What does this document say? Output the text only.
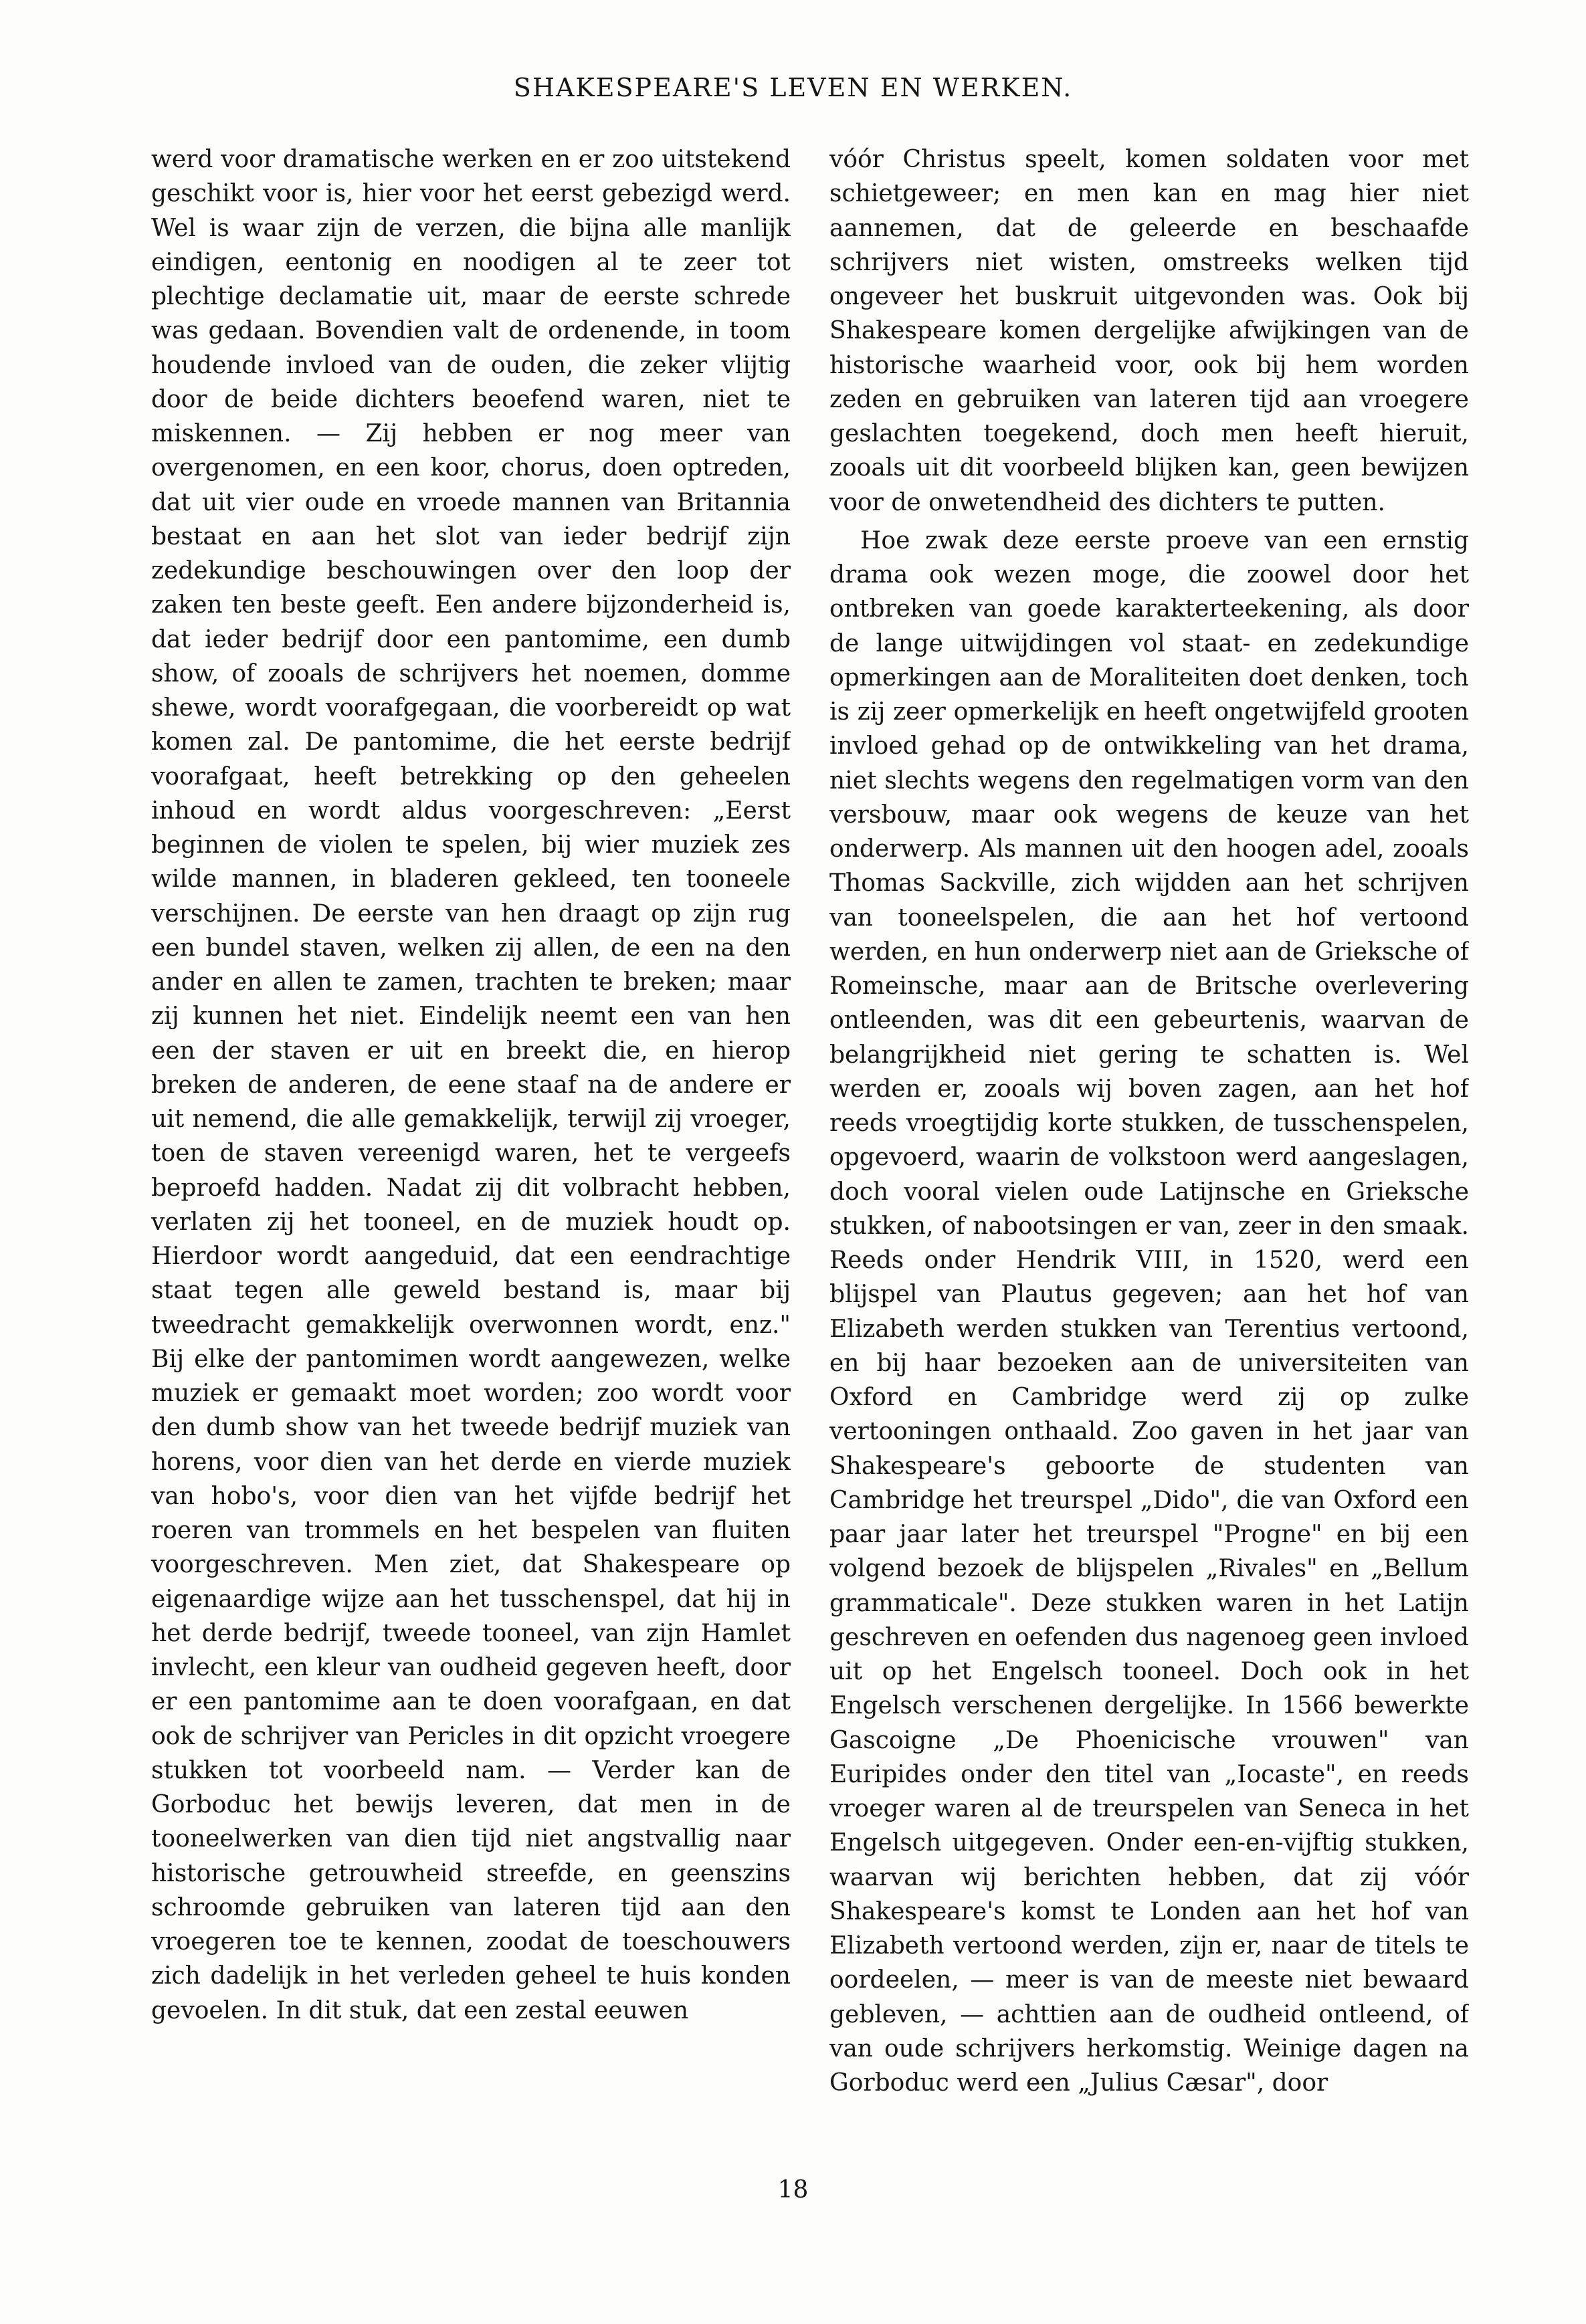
SHAKESPEARE'S LEVEN EN WERKEN.

werd voor dramatische werken en er zoo uitstekend geschikt voor is, hier voor het eerst gebezigd werd. Wel is waar zijn de verzen, die bijna alle manlijk eindigen, eentonig en noodigen al te zeer tot plechtige declamatie uit, maar de eerste schrede was gedaan. Bovendien valt de ordenende, in toom houdende invloed van de ouden, die zeker vlijtig door de beide dichters beoefend waren, niet te miskennen. — Zij hebben er nog meer van overgenomen, en een koor, chorus, doen optreden, dat uit vier oude en vroede mannen van Britannia bestaat en aan het slot van ieder bedrijf zijn zedekundige beschouwingen over den loop der zaken ten beste geeft. Een andere bijzonderheid is, dat ieder bedrijf door een pantomime, een dumb show, of zooals de schrijvers het noemen, domme shewe, wordt voorafgegaan, die voorbereidt op wat komen zal. De pantomime, die het eerste bedrijf voorafgaat, heeft betrekking op den geheelen inhoud en wordt aldus voorgeschreven: „Eerst beginnen de violen te spelen, bij wier muziek zes wilde mannen, in bladeren gekleed, ten tooneele verschijnen. De eerste van hen draagt op zijn rug een bundel staven, welken zij allen, de een na den ander en allen te zamen, trachten te breken; maar zij kunnen het niet. Eindelijk neemt een van hen een der staven er uit en breekt die, en hierop breken de anderen, de eene staaf na de andere er uit nemend, die alle gemakkelijk, terwijl zij vroeger, toen de staven vereenigd waren, het te vergeefs beproefd hadden. Nadat zij dit volbracht hebben, verlaten zij het tooneel, en de muziek houdt op. Hierdoor wordt aangeduid, dat een eendrachtige staat tegen alle geweld bestand is, maar bij tweedracht gemakkelijk overwonnen wordt, enz." Bij elke der pantomimen wordt aangewezen, welke muziek er gemaakt moet worden; zoo wordt voor den dumb show van het tweede bedrijf muziek van horens, voor dien van het derde en vierde muziek van hobo's, voor dien van het vijfde bedrijf het roeren van trommels en het bespelen van fluiten voorgeschreven. Men ziet, dat Shakespeare op eigenaardige wijze aan het tusschenspel, dat hij in het derde bedrijf, tweede tooneel, van zijn Hamlet invlecht, een kleur van oudheid gegeven heeft, door er een pantomime aan te doen voorafgaan, en dat ook de schrijver van Pericles in dit opzicht vroegere stukken tot voorbeeld nam. — Verder kan de Gorboduc het bewijs leveren, dat men in de tooneelwerken van dien tijd niet angstvallig naar historische getrouwheid streefde, en geenszins schroomde gebruiken van lateren tijd aan den vroegeren toe te kennen, zoodat de toeschouwers zich dadelijk in het verleden geheel te huis konden gevoelen. In dit stuk, dat een zestal eeuwen

vóór Christus speelt, komen soldaten voor met schietgeweer; en men kan en mag hier niet aannemen, dat de geleerde en beschaafde schrijvers niet wisten, omstreeks welken tijd ongeveer het buskruit uitgevonden was. Ook bij Shakespeare komen dergelijke afwijkingen van de historische waarheid voor, ook bij hem worden zeden en gebruiken van lateren tijd aan vroegere geslachten toegekend, doch men heeft hieruit, zooals uit dit voorbeeld blijken kan, geen bewijzen voor de onwetendheid des dichters te putten.

Hoe zwak deze eerste proeve van een ernstig drama ook wezen moge, die zoowel door het ontbreken van goede karakterteekening, als door de lange uitwijdingen vol staat- en zedekundige opmerkingen aan de Moraliteiten doet denken, toch is zij zeer opmerkelijk en heeft ongetwijfeld grooten invloed gehad op de ontwikkeling van het drama, niet slechts wegens den regelmatigen vorm van den versbouw, maar ook wegens de keuze van het onderwerp. Als mannen uit den hoogen adel, zooals Thomas Sackville, zich wijdden aan het schrijven van tooneelspelen, die aan het hof vertoond werden, en hun onderwerp niet aan de Grieksche of Romeinsche, maar aan de Britsche overlevering ontleenden, was dit een gebeurtenis, waarvan de belangrijkheid niet gering te schatten is. Wel werden er, zooals wij boven zagen, aan het hof reeds vroegtijdig korte stukken, de tusschenspelen, opgevoerd, waarin de volkstoon werd aangeslagen, doch vooral vielen oude Latijnsche en Grieksche stukken, of nabootsingen er van, zeer in den smaak. Reeds onder Hendrik VIII, in 1520, werd een blijspel van Plautus gegeven; aan het hof van Elizabeth werden stukken van Terentius vertoond, en bij haar bezoeken aan de universiteiten van Oxford en Cambridge werd zij op zulke vertooningen onthaald. Zoo gaven in het jaar van Shakespeare's geboorte de studenten van Cambridge het treurspel „Dido", die van Oxford een paar jaar later het treurspel "Progne" en bij een volgend bezoek de blijspelen „Rivales" en „Bellum grammaticale". Deze stukken waren in het Latijn geschreven en oefenden dus nagenoeg geen invloed uit op het Engelsch tooneel. Doch ook in het Engelsch verschenen dergelijke. In 1566 bewerkte Gascoigne „De Phoenicische vrouwen" van Euripides onder den titel van „Iocaste", en reeds vroeger waren al de treurspelen van Seneca in het Engelsch uitgegeven. Onder een-en-vijftig stukken, waarvan wij berichten hebben, dat zij vóór Shakespeare's komst te Londen aan het hof van Elizabeth vertoond werden, zijn er, naar de titels te oordeelen, — meer is van de meeste niet bewaard gebleven, — achttien aan de oudheid ontleend, of van oude schrijvers herkomstig. Weinige dagen na Gorboduc werd een „Julius Cæsar", door

18
